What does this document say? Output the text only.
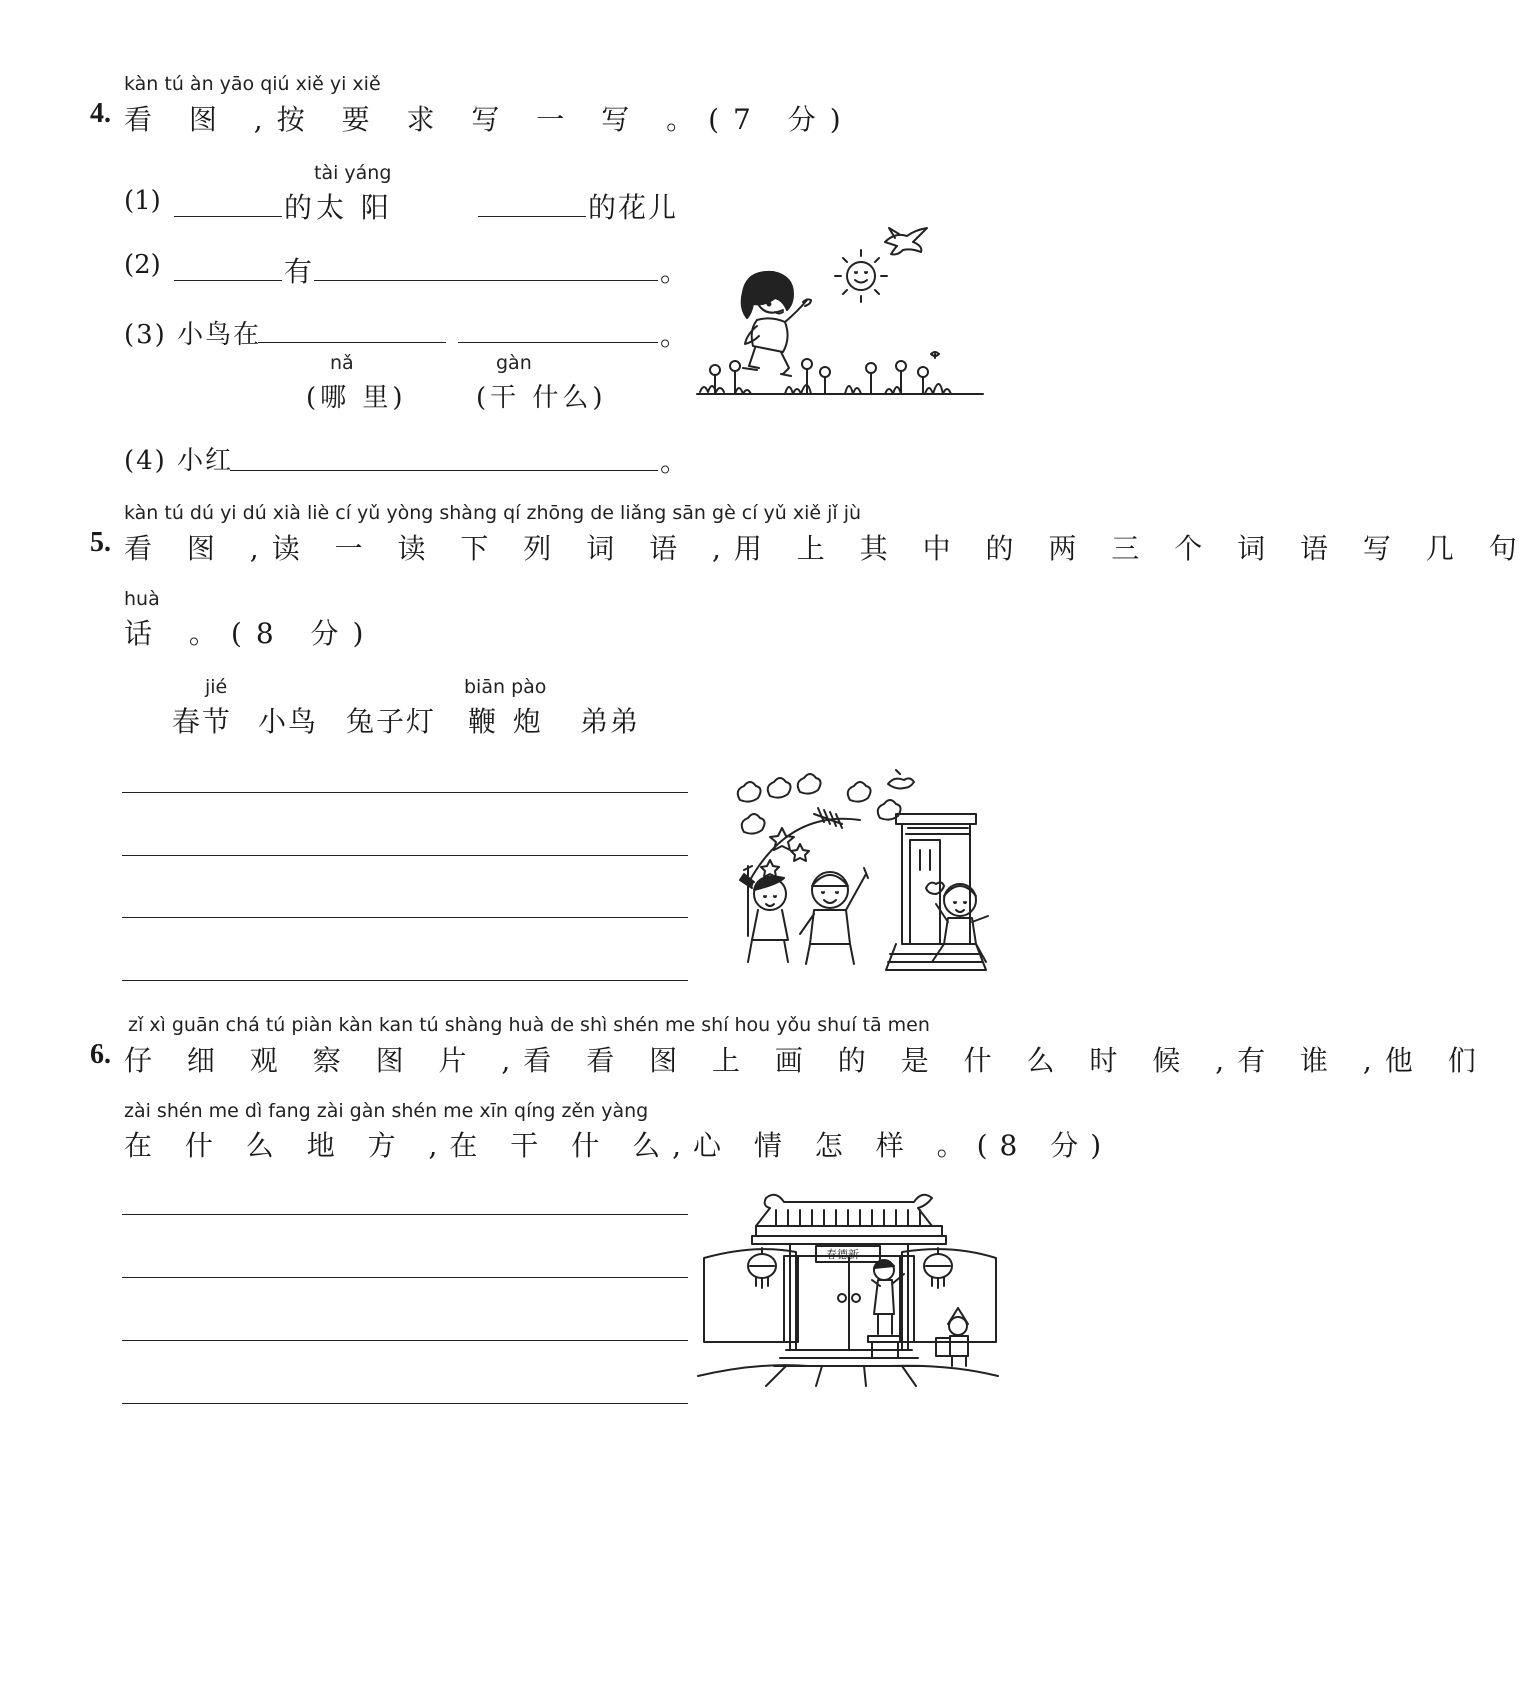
kàn tú àn yāo qiú xiě yi xiě
4. 看 图 ,按 要 求 写 一 写 。(7 分)
tài yáng
(1)	的太 阳	的花儿
(2)	有	。
(3) 小鸟在	。
nǎ
(哪 里)
gàn
(干 什么)
(4) 小红	。
kàn tú dú yi dú xià liè cí yǔ yòng shàng qí zhōng de liǎng sān gè cí yǔ xiě jǐ jù
5. 看 图 ,读 一 读 下 列 词 语 ,用 上 其 中 的 两 三 个 词 语 写 几 句
huà
话 。(8 分)
jié
春节 小鸟 兔子灯
biān pào
鞭 炮 弟弟
zǐ xì guān chá tú piàn kàn kan tú shàng huà de shì shén me shí hou yǒu shuí tā men
6. 仔 细 观 察 图 片 ,看 看 图 上 画 的 是 什 么 时 候 ,有 谁 ,他 们
zài shén me dì fang zài gàn shén me xīn qíng zěn yàng
在 什 么 地 方 ,在 干 什 么,心 情 怎 样 。(8 分)
春德新
